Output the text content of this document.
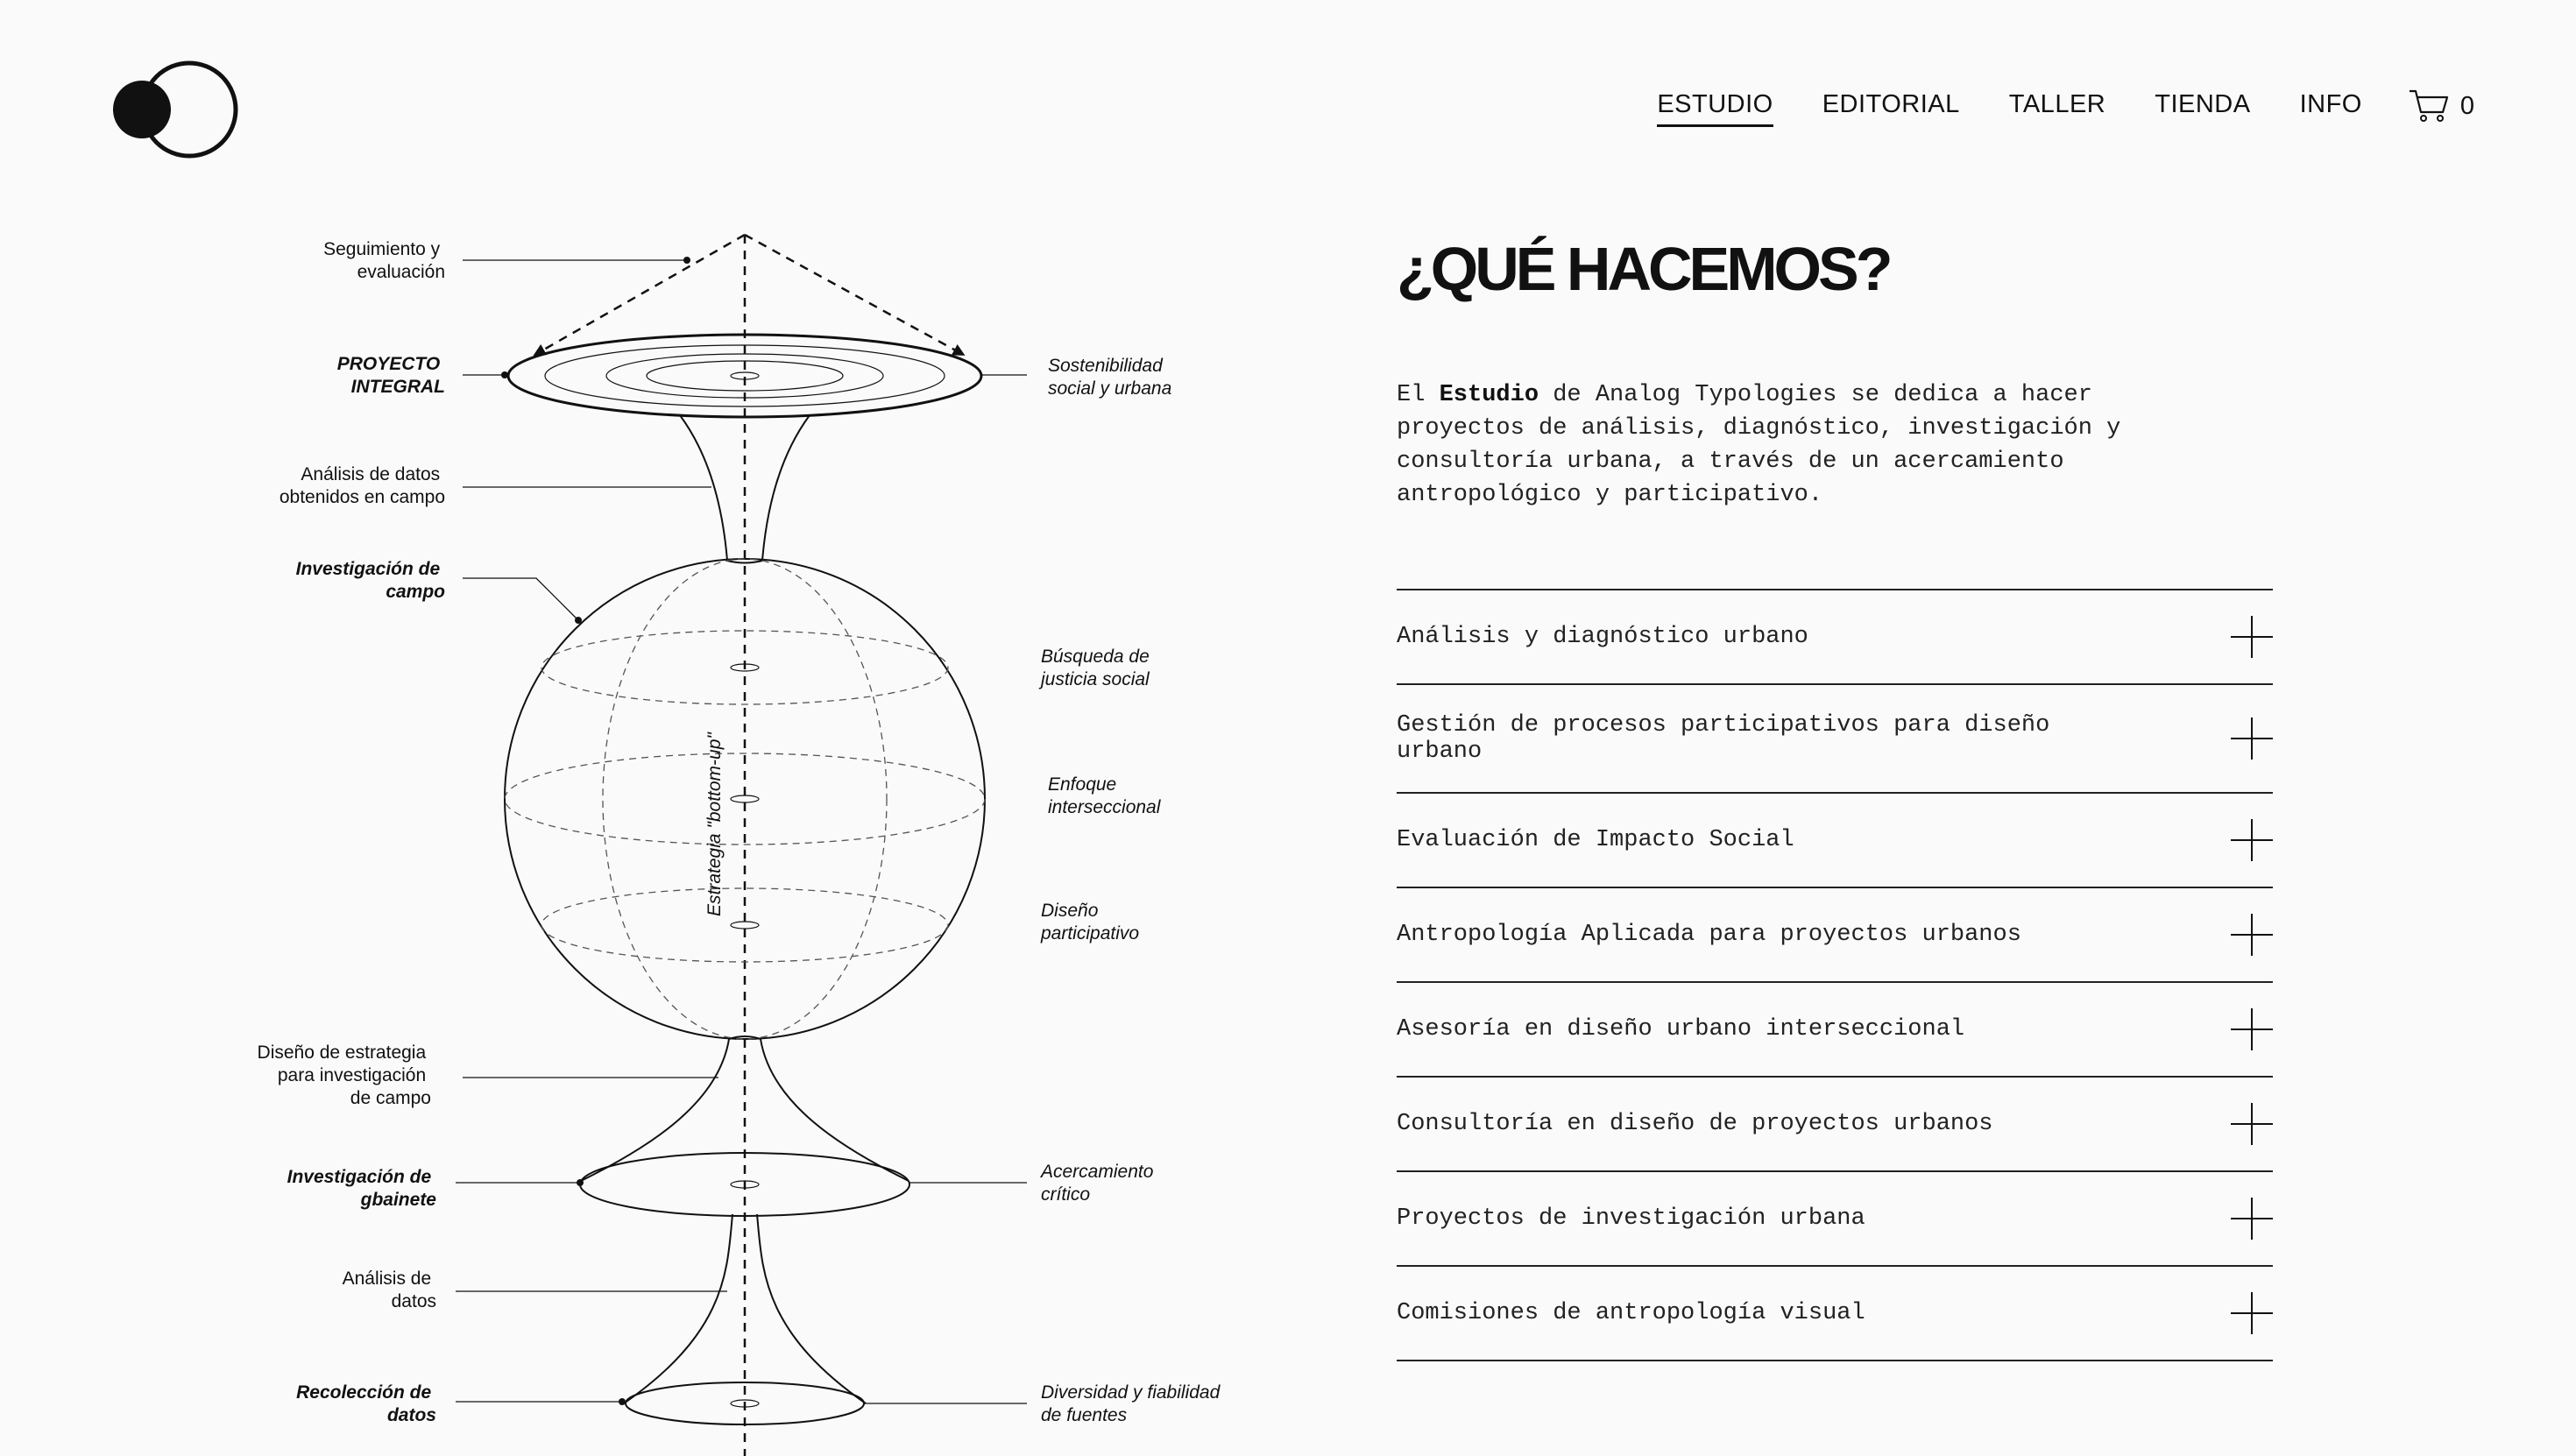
ESTUDIO EDITORIAL TALLER TIENDA INFO	0
Seguimiento y evaluación
PROYECTO INTEGRAL
Análisis de datos obtenidos en campo
Investigación de campo
Diseño de estrategia para investigación de campo
Investigación de gbainete
Análisis de datos
Recolección de datos
Sostenibilidad social y urbana
Búsqueda de justicia social
Enfoque interseccional
Diseño participativo
Acercamiento crítico
Diversidad y fiabilidad de fuentes
Estrategia "bottom-up"
¿QUÉ HACEMOS?

El Estudio de Analog Typologies se dedica a hacer proyectos de análisis, diagnóstico, investigación y consultoría urbana, a través de un acercamiento antropológico y participativo.

Análisis y diagnóstico urbano
Gestión de procesos participativos para diseño urbano
Evaluación de Impacto Social
Antropología Aplicada para proyectos urbanos
Asesoría en diseño urbano interseccional
Consultoría en diseño de proyectos urbanos
Proyectos de investigación urbana
Comisiones de antropología visual
